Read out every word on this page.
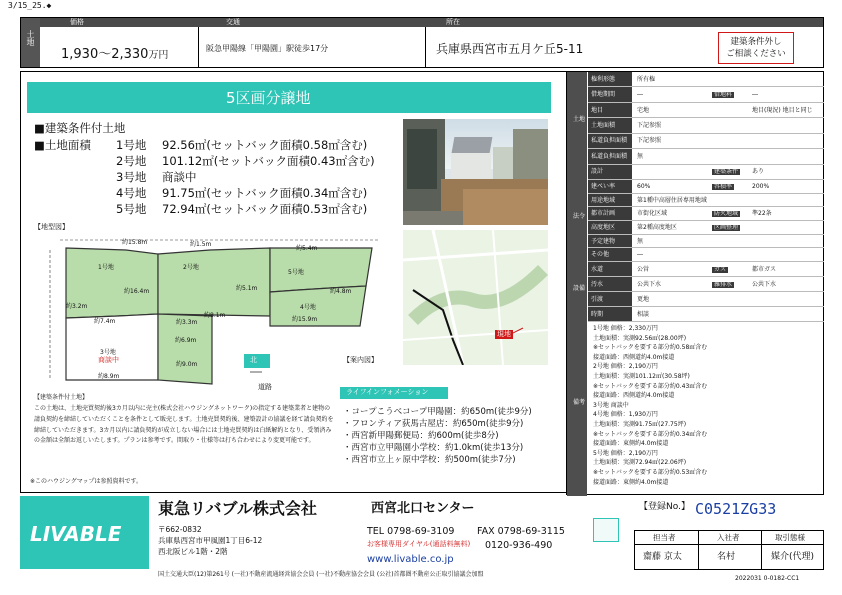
3/15_25.◆
土地
価格	交通	所在
1,930〜2,330万円
阪急甲陽線「甲陽園」駅徒歩17分	兵庫県西宮市五月ケ丘5-11	建築条件外し
ご相談ください
5区画分譲地
■建築条件付土地
■土地面積 1号地 92.56㎡(セットバック面積0.58㎡含む)
2号地 101.12㎡(セットバック面積0.43㎡含む)
3号地 商談中
4号地 91.75㎡(セットバック面積0.34㎡含む)
5号地 72.94㎡(セットバック面積0.53㎡含む)
【地型図】
1号地	2号地
3号地
4号地
5号地
商談中
道路
北
約15.8m	約1.5m
約5.4m
約16.4m
約3.2m
約8.1m
約5.1m	約4.8m
約15.9m
約7.4m	約3.3m
約6.9m
約9.0m
約8.9m
現地
【案内図】
【建築条件付土地】
この土地は、土地売買契約後3カ月以内に売主(株式会社ハウジングネットワーク)の指定する建築業者と建物の請負契約を締結していただくことを条件として販売します。土地売買契約後、建築設計の協議を経て請負契約を締結していただきます。3カ月以内に請負契約が成立しない場合には土地売買契約は白紙解約となり、受領済みの金額は全額お返しいたします。プランは参考です。間取り・仕様等は打ち合わせにより変更可能です。
※このハウジングマップは参照資料です。
ライフインフォメーション
・コープこうべコープ甲陽園：約650m(徒歩9分)
・フロンティア荻馬古屋店：約650m(徒歩9分)
・西宮新甲陽郵便局：約600m(徒歩8分)
・西宮市立甲陽園小学校：約1.0km(徒歩13分)
・西宮市立上ヶ原中学校：約500m(徒歩7分)
土地
法令
設備
備考
権利形態	所有権
借地期間	―	借地料	―
地目	宅地	地目(現況) 地目と同じ
土地面積	下記参照
私道負担面積 下記参照
私道負担面積 無
設計	建築条件	あり
建ぺい率	60%	容積率	200%
用途地域	第1種中高層住居専用地域
都市計画	市街化区域	防火地域	準22条
高度地区	第2種高度地区	区画整理
予定建物	無
その他	―
水道	公営	ガス	都市ガス
汚水	公共下水	雑排水	公共下水
引渡	更地
時期	相談
1号地 価格：2,330万円
土地面積：実測92.56㎡(28.00坪)
※セットバックを要する部分約0.58㎡含む
接道面路：西側道約4.0m接道
2号地 価格：2,190万円
土地面積：実測101.12㎡(30.58坪)
※セットバックを要する部分約0.43㎡含む
接道面路：西側道約4.0m接道
3号地 商談中
4号地 価格：1,930万円
土地面積：実測91.75㎡(27.75坪)
※セットバックを要する部分約0.34㎡含む
接道面路：東側約4.0m接道
5号地 価格：2,190万円
土地面積：実測72.94㎡(22.06坪)
※セットバックを要する部分約0.53㎡含む
接道面路：東側約4.0m接道
LIVABLE
東急リバブル株式会社	西宮北口センター
〒662-0832
兵庫県西宮市甲風園1丁目6-12
西北阪ビル1階・2階
TEL 0798-69-3109 FAX 0798-69-3115
お客様専用ダイヤル(通話料無料) 0120-936-490
www.livable.co.jp
国土交通大臣(12)第261号 (一社)不動産流通経営協会会員 (一社)不動産協会会員 (公社)首都圏不動産公正取引協議会加盟
【登録No.】 C0521ZG33
担当者	入社者	取引態様
齋藤 京太	名村	媒介(代理)
2022031 0-0182-CC1
